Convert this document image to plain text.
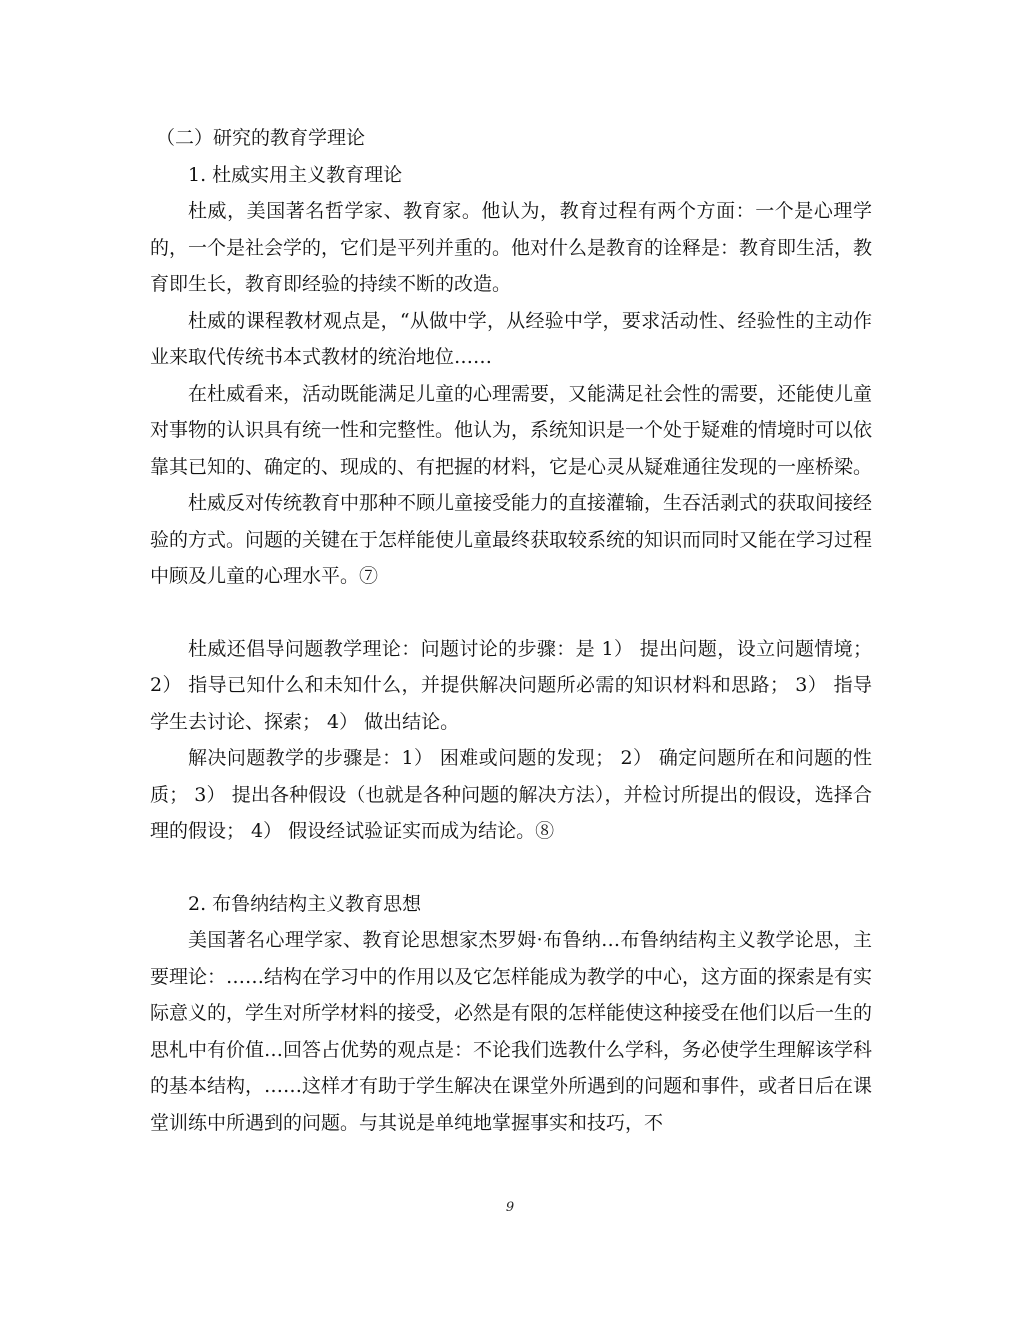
（二）研究的教育学理论

1. 杜威实用主义教育理论

杜威，美国著名哲学家、教育家。他认为，教育过程有两个方面：一个是心理学的，一个是社会学的，它们是平列并重的。他对什么是教育的诠释是：教育即生活，教育即生长，教育即经验的持续不断的改造。

杜威的课程教材观点是，“从做中学，从经验中学，要求活动性、经验性的主动作业来取代传统书本式教材的统治地位……

在杜威看来，活动既能满足儿童的心理需要，又能满足社会性的需要，还能使儿童对事物的认识具有统一性和完整性。他认为，系统知识是一个处于疑难的情境时可以依靠其已知的、确定的、现成的、有把握的材料，它是心灵从疑难通往发现的一座桥梁。

杜威反对传统教育中那种不顾儿童接受能力的直接灌输，生吞活剥式的获取间接经验的方式。问题的关键在于怎样能使儿童最终获取较系统的知识而同时又能在学习过程中顾及儿童的心理水平。⑦

杜威还倡导问题教学理论：问题讨论的步骤：是 1） 提出问题，设立问题情境；2） 指导已知什么和未知什么，并提供解决问题所必需的知识材料和思路； 3） 指导学生去讨论、探索； 4） 做出结论。

解决问题教学的步骤是：1） 困难或问题的发现； 2） 确定问题所在和问题的性质； 3） 提出各种假设（也就是各种问题的解决方法），并检讨所提出的假设，选择合理的假设； 4） 假设经试验证实而成为结论。⑧

2. 布鲁纳结构主义教育思想

美国著名心理学家、教育论思想家杰罗姆·布鲁纳…布鲁纳结构主义教学论思，主要理论：……结构在学习中的作用以及它怎样能成为教学的中心，这方面的探索是有实际意义的，学生对所学材料的接受，必然是有限的怎样能使这种接受在他们以后一生的思札中有价值…回答占优势的观点是：不论我们选教什么学科，务必使学生理解该学科的基本结构，……这样才有助于学生解决在课堂外所遇到的问题和事件，或者日后在课堂训练中所遇到的问题。与其说是单纯地掌握事实和技巧，不

9
